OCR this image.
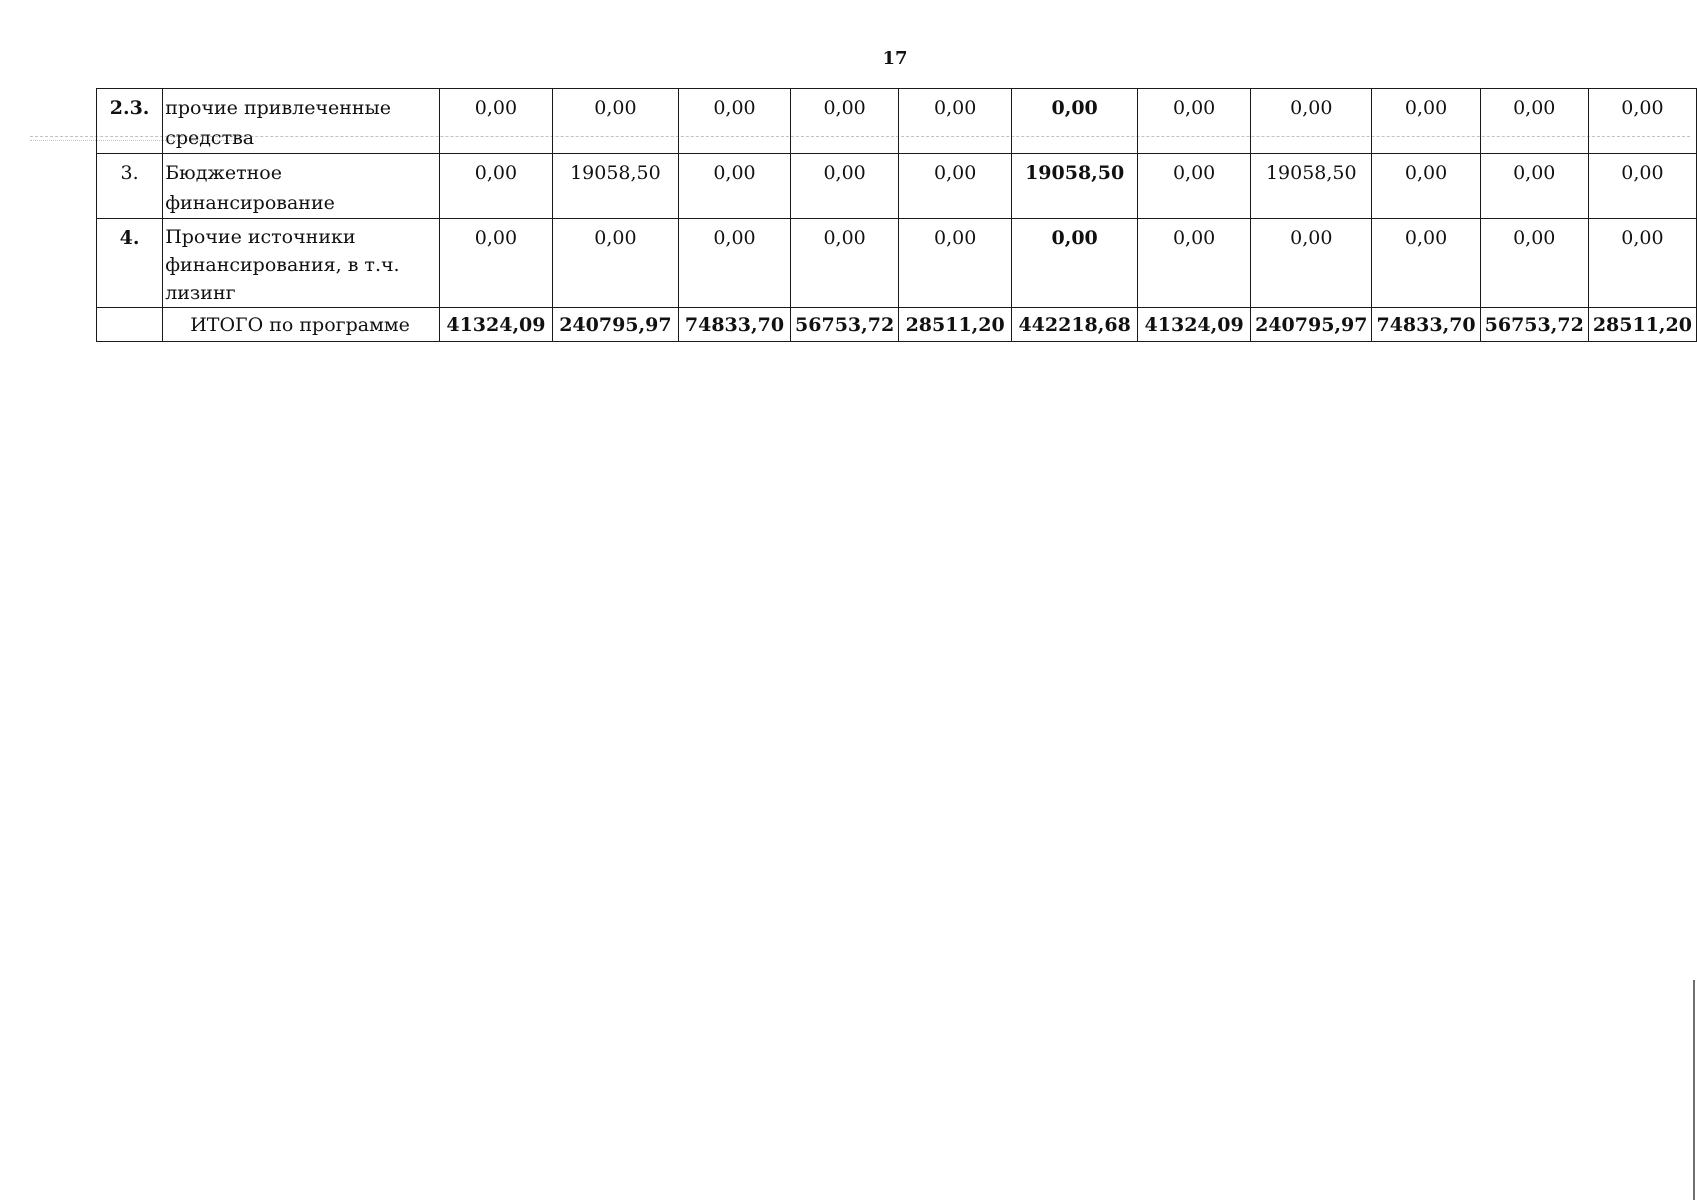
17
2.3.	прочие привлеченные средства	0,00	0,00	0,00	0,00	0,00	0,00	0,00	0,00	0,00	0,00	0,00
3.	Бюджетное финансирование	0,00	19058,50	0,00	0,00	0,00	19058,50	0,00	19058,50	0,00	0,00	0,00
4.	Прочие источники финансирования, в т.ч. лизинг	0,00	0,00	0,00	0,00	0,00	0,00	0,00	0,00	0,00	0,00	0,00
	ИТОГО по программе	41324,09	240795,97	74833,70	56753,72	28511,20	442218,68	41324,09	240795,97	74833,70	56753,72	28511,20
